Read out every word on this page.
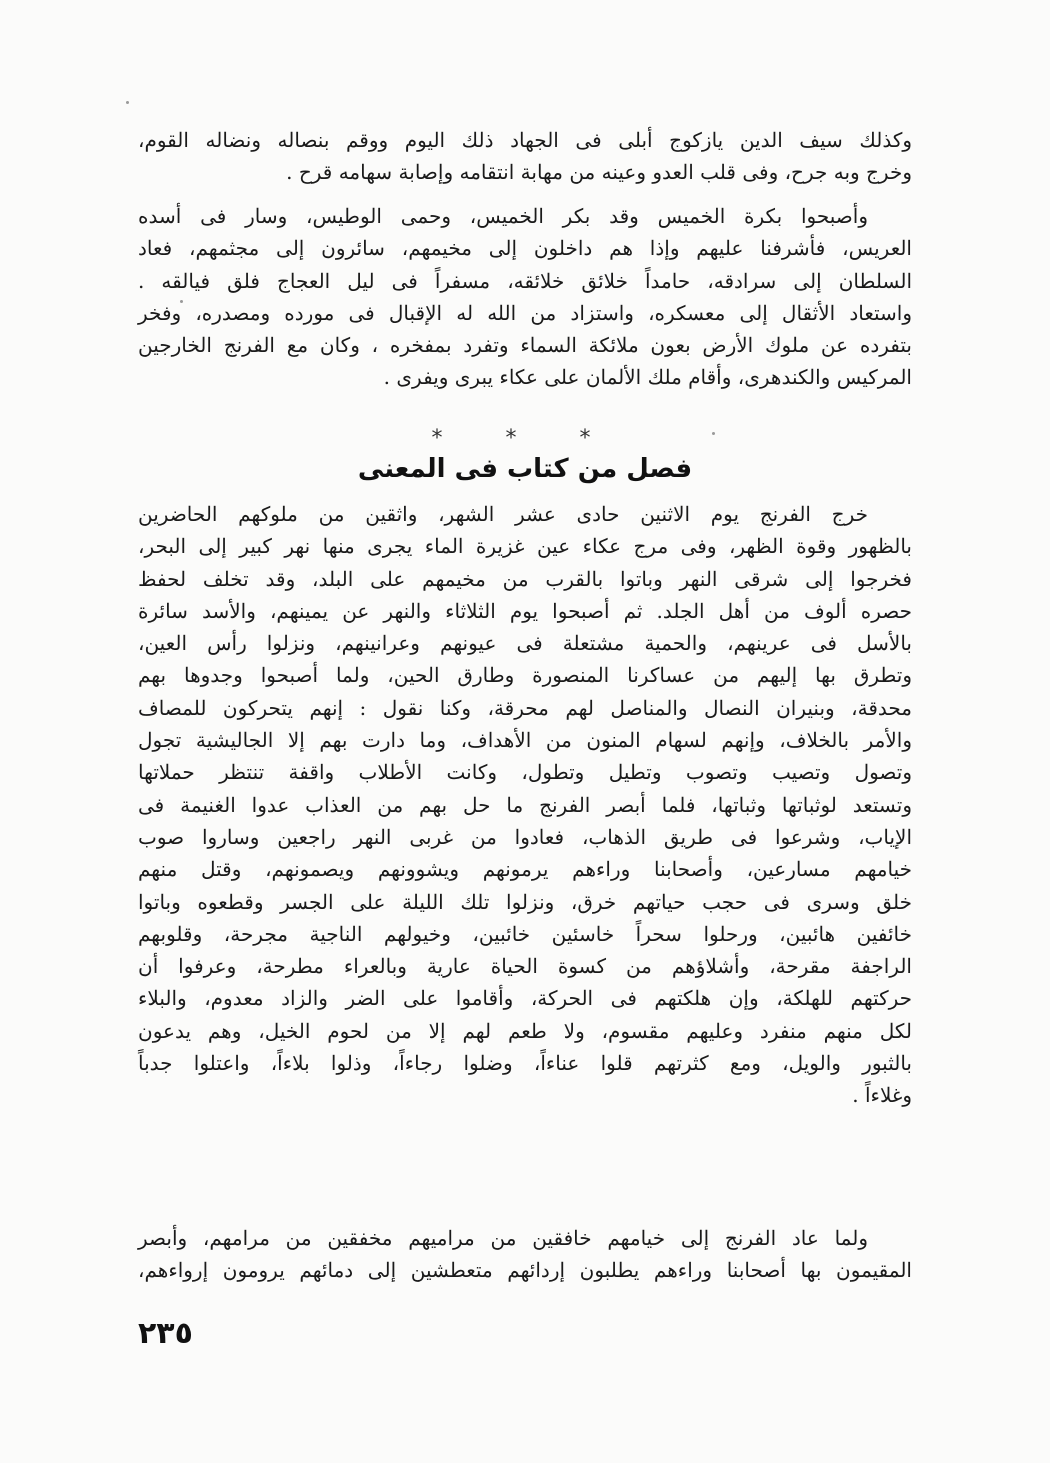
وكذلك سيف الدين يازكوج أبلى فى الجهاد ذلك اليوم ووقم بنصاله ونضاله القوم،
وخرج وبه جرح، وفى قلب العدو وعينه من مهابة انتقامه وإصابة سهامه قرح .
وأصبحوا بكرة الخميس وقد بكر الخميس، وحمى الوطيس، وسار فى أسده
العريس، فأشرفنا عليهم وإذا هم داخلون إلى مخيمهم، سائرون إلى مجثمهم، فعاد
السلطان إلى سرادقه، حامداً خلائق خلائقه، مسفراً فى ليل العجاج فلق فيالقه .
واستعاد الأثقال إلى معسكره، واستزاد من الله له الإقبال فى مورده ومصدره، وفخر
بتفرده عن ملوك الأرض بعون ملائكة السماء وتفرد بمفخره ، وكان مع الفرنج الخارجين
المركيس والكندهرى، وأقام ملك الألمان على عكاء يبرى ويفرى .
* * *
فصل من كتاب فى المعنى
خرج الفرنج يوم الاثنين حادى عشر الشهر، واثقين من ملوكهم الحاضرين
بالظهور وقوة الظهر، وفى مرج عكاء عين غزيرة الماء يجرى منها نهر كبير إلى البحر،
فخرجوا إلى شرقى النهر وباتوا بالقرب من مخيمهم على البلد، وقد تخلف لحفظ
حصره ألوف من أهل الجلد. ثم أصبحوا يوم الثلاثاء والنهر عن يمينهم، والأسد سائرة
بالأسل فى عرينهم، والحمية مشتعلة فى عيونهم وعرانينهم، ونزلوا رأس العين،
وتطرق بها إليهم من عساكرنا المنصورة وطارق الحين، ولما أصبحوا وجدوها بهم
محدقة، وبنيران النصال والمناصل لهم محرقة، وكنا نقول : إنهم يتحركون للمصاف
والأمر بالخلاف، وإنهم لسهام المنون من الأهداف، وما دارت بهم إلا الجاليشية تجول
وتصول وتصيب وتصوب وتطيل وتطول، وكانت الأطلاب واقفة تنتظر حملاتها
وتستعد لوثباتها وثباتها، فلما أبصر الفرنج ما حل بهم من العذاب عدوا الغنيمة فى
الإياب، وشرعوا فى طريق الذهاب، فعادوا من غربى النهر راجعين وساروا صوب
خيامهم مسارعين، وأصحابنا وراءهم يرمونهم ويشوونهم ويصمونهم، وقتل منهم
خلق وسرى فى حجب حياتهم خرق، ونزلوا تلك الليلة على الجسر وقطعوه وباتوا
خائفين هائبين، ورحلوا سحراً خاسئين خائبين، وخيولهم الناجية مجرحة، وقلوبهم
الراجفة مقرحة، وأشلاؤهم من كسوة الحياة عارية وبالعراء مطرحة، وعرفوا أن
حركتهم للهلكة، وإن هلكتهم فى الحركة، وأقاموا على الضر والزاد معدوم، والبلاء
لكل منهم منفرد وعليهم مقسوم، ولا طعم لهم إلا من لحوم الخيل، وهم يدعون
بالثبور والويل، ومع كثرتهم قلوا عناءاً، وضلوا رجاءاً، وذلوا بلاءاً، واعتلوا جدباً
وغلاءاً .
ولما عاد الفرنج إلى خيامهم خافقين من مراميهم مخفقين من مرامهم، وأبصر
المقيمون بها أصحابنا وراءهم يطلبون إردائهم متعطشين إلى دمائهم يرومون إرواءهم،
٢٣٥
